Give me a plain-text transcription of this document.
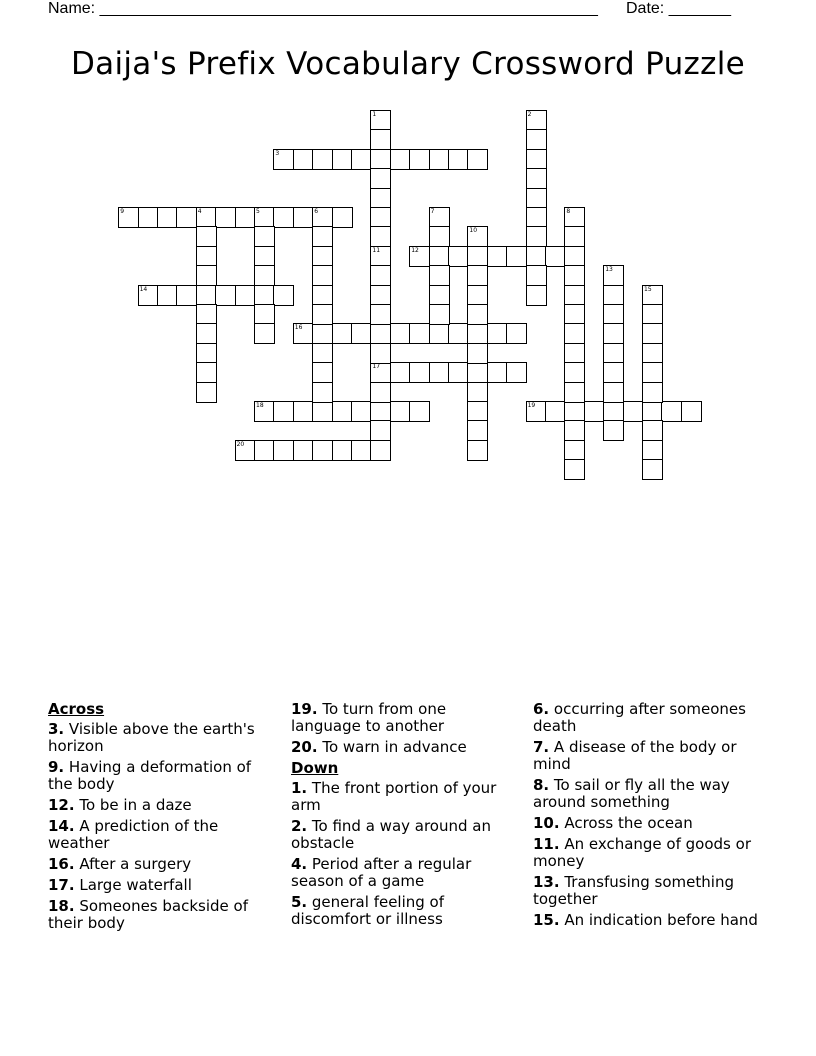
Name: ________________________________________________________ Date: _______
Daija's Prefix Vocabulary Crossword Puzzle
3
9
12
14
16
17
18	19
20
1	2
4	5	6	7	8
10
11
13
15
Across
3. Visible above the earth's horizon
9. Having a deformation of the body
12. To be in a daze
14. A prediction of the weather
16. After a surgery
17. Large waterfall
18. Someones backside of their body
19. To turn from one language to another
20. To warn in advance
Down
1. The front portion of your arm
2. To find a way around an obstacle
4. Period after a regular season of a game
5. general feeling of discomfort or illness
6. occurring after someones death
7. A disease of the body or mind
8. To sail or fly all the way around something
10. Across the ocean
11. An exchange of goods or money
13. Transfusing something together
15. An indication before hand
